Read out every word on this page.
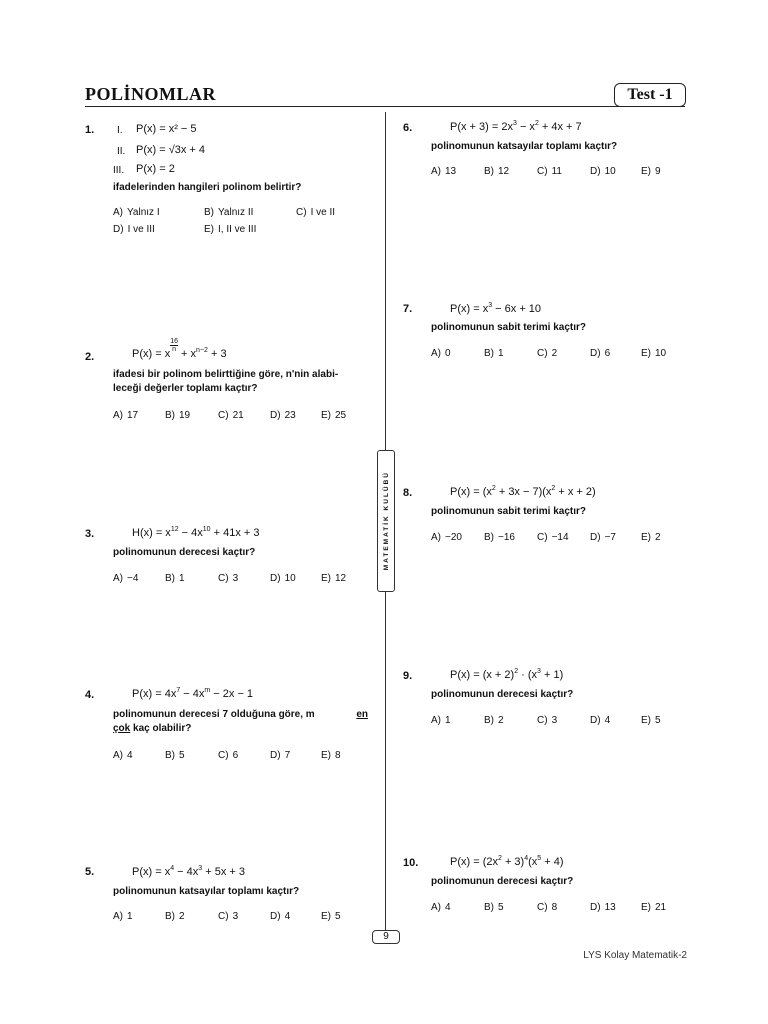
POLİNOMLAR	Test -1
MATEMATİK KULÜBÜ
1. I. P(x) = x² − 5
II. P(x) = √3x + 4
III. P(x) = 2
ifadelerinden hangileri polinom belirtir?
A) Yalnız I	B) Yalnız II	C) I ve II
D) I ve III	E) I, II ve III
2.	P(x) = x
$\frac{16}{n}$
+ $x^{n-2} + 3$
ifadesi bir polinom belirttiğine göre, n'nin alabi-
leceği değerler toplamı kaçtır?
A) 17	B) 19	C) 21	D) 23	E) 25
3.	$H(x) = x^{12} - 4x^{10} + 41x + 3$
polinomunun derecesi kaçtır?
A) −4	B) 1	C) 3	D) 10	E) 12
4.	$P(x) = 4x^7 - 4x^m - 2x - 1$
polinomunun derecesi 7 olduğuna göre, m	en
çok kaç olabilir?
A) 4	B) 5	C) 6	D) 7	E) 8
5.	$P(x) = x^4 - 4x^3 + 5x + 3$
polinomunun katsayılar toplamı kaçtır?
A) 1	B) 2	C) 3	D) 4	E) 5
6.	$P(x + 3) = 2x^3 - x^2 + 4x + 7$
polinomunun katsayılar toplamı kaçtır?
A) 13	B) 12	C) 11	D) 10	E) 9
7.	$P(x) = x^3 - 6x + 10$
polinomunun sabit terimi kaçtır?
A) 0	B) 1	C) 2	D) 6	E) 10
8.	$P(x) = (x^2 + 3x - 7)(x^2 + x + 2)$
polinomunun sabit terimi kaçtır?
A) −20 B) −16 C) −14 D) −7	E) 2
9.	$P(x) = (x + 2)^2 \cdot (x^3 + 1)$
polinomunun derecesi kaçtır?
A) 1	B) 2	C) 3	D) 4	E) 5
10.	$P(x) = (2x^2 + 3)^4(x^5 + 4)$
polinomunun derecesi kaçtır?
A) 4	B) 5	C) 8	D) 13	E) 21
9
LYS Kolay Matematik-2
